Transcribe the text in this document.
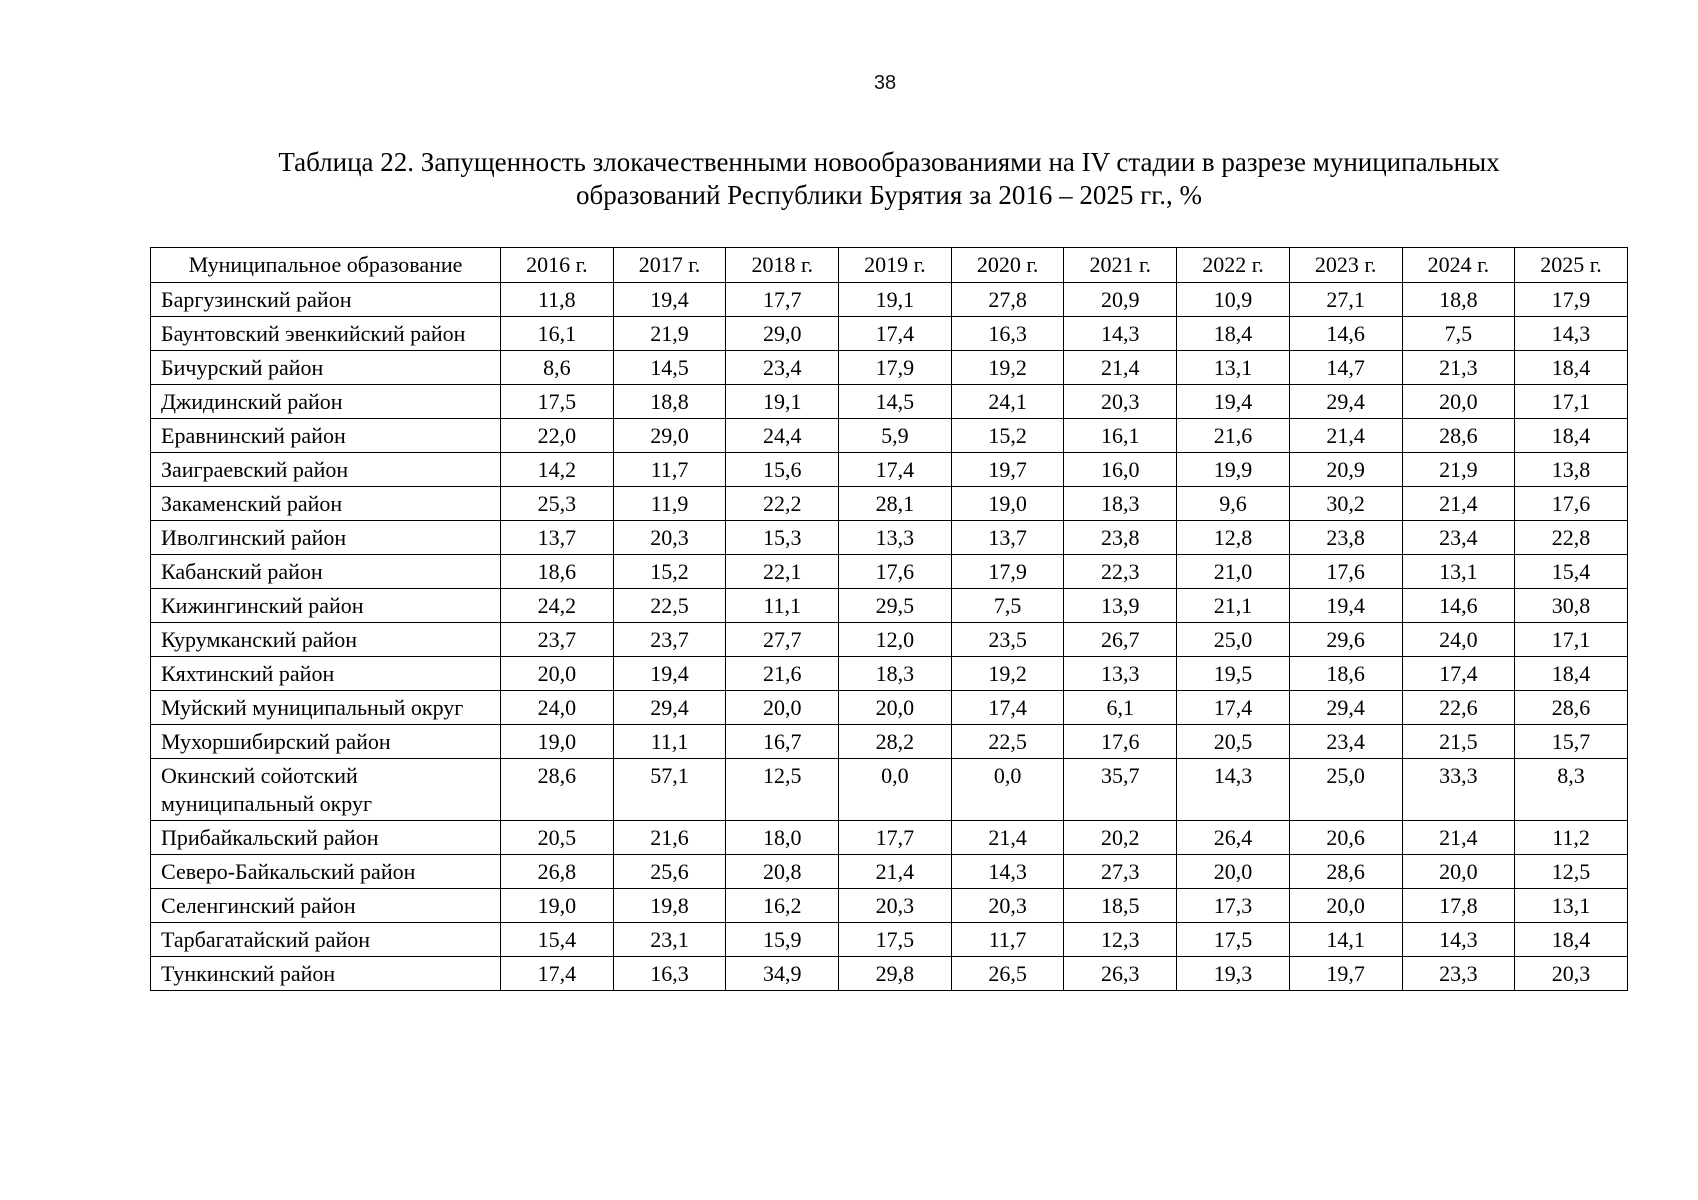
38
Таблица 22. Запущенность злокачественными новообразованиями на IV стадии в разрезе муниципальных
образований Республики Бурятия за 2016 – 2025 гг., %
Муниципальное образование	2016 г.	2017 г.	2018 г.	2019 г.	2020 г.	2021 г.	2022 г.	2023 г.	2024 г.	2025 г.
Баргузинский район	11,8	19,4	17,7	19,1	27,8	20,9	10,9	27,1	18,8	17,9
Баунтовский эвенкийский район	16,1	21,9	29,0	17,4	16,3	14,3	18,4	14,6	7,5	14,3
Бичурский район	8,6	14,5	23,4	17,9	19,2	21,4	13,1	14,7	21,3	18,4
Джидинский район	17,5	18,8	19,1	14,5	24,1	20,3	19,4	29,4	20,0	17,1
Еравнинский район	22,0	29,0	24,4	5,9	15,2	16,1	21,6	21,4	28,6	18,4
Заиграевский район	14,2	11,7	15,6	17,4	19,7	16,0	19,9	20,9	21,9	13,8
Закаменский район	25,3	11,9	22,2	28,1	19,0	18,3	9,6	30,2	21,4	17,6
Иволгинский район	13,7	20,3	15,3	13,3	13,7	23,8	12,8	23,8	23,4	22,8
Кабанский район	18,6	15,2	22,1	17,6	17,9	22,3	21,0	17,6	13,1	15,4
Кижингинский район	24,2	22,5	11,1	29,5	7,5	13,9	21,1	19,4	14,6	30,8
Курумканский район	23,7	23,7	27,7	12,0	23,5	26,7	25,0	29,6	24,0	17,1
Кяхтинский район	20,0	19,4	21,6	18,3	19,2	13,3	19,5	18,6	17,4	18,4
Муйский муниципальный округ	24,0	29,4	20,0	20,0	17,4	6,1	17,4	29,4	22,6	28,6
Мухоршибирский район	19,0	11,1	16,7	28,2	22,5	17,6	20,5	23,4	21,5	15,7
Окинский сойотский муниципальный округ	28,6	57,1	12,5	0,0	0,0	35,7	14,3	25,0	33,3	8,3
Прибайкальский район	20,5	21,6	18,0	17,7	21,4	20,2	26,4	20,6	21,4	11,2
Северо-Байкальский район	26,8	25,6	20,8	21,4	14,3	27,3	20,0	28,6	20,0	12,5
Селенгинский район	19,0	19,8	16,2	20,3	20,3	18,5	17,3	20,0	17,8	13,1
Тарбагатайский район	15,4	23,1	15,9	17,5	11,7	12,3	17,5	14,1	14,3	18,4
Тункинский район	17,4	16,3	34,9	29,8	26,5	26,3	19,3	19,7	23,3	20,3
